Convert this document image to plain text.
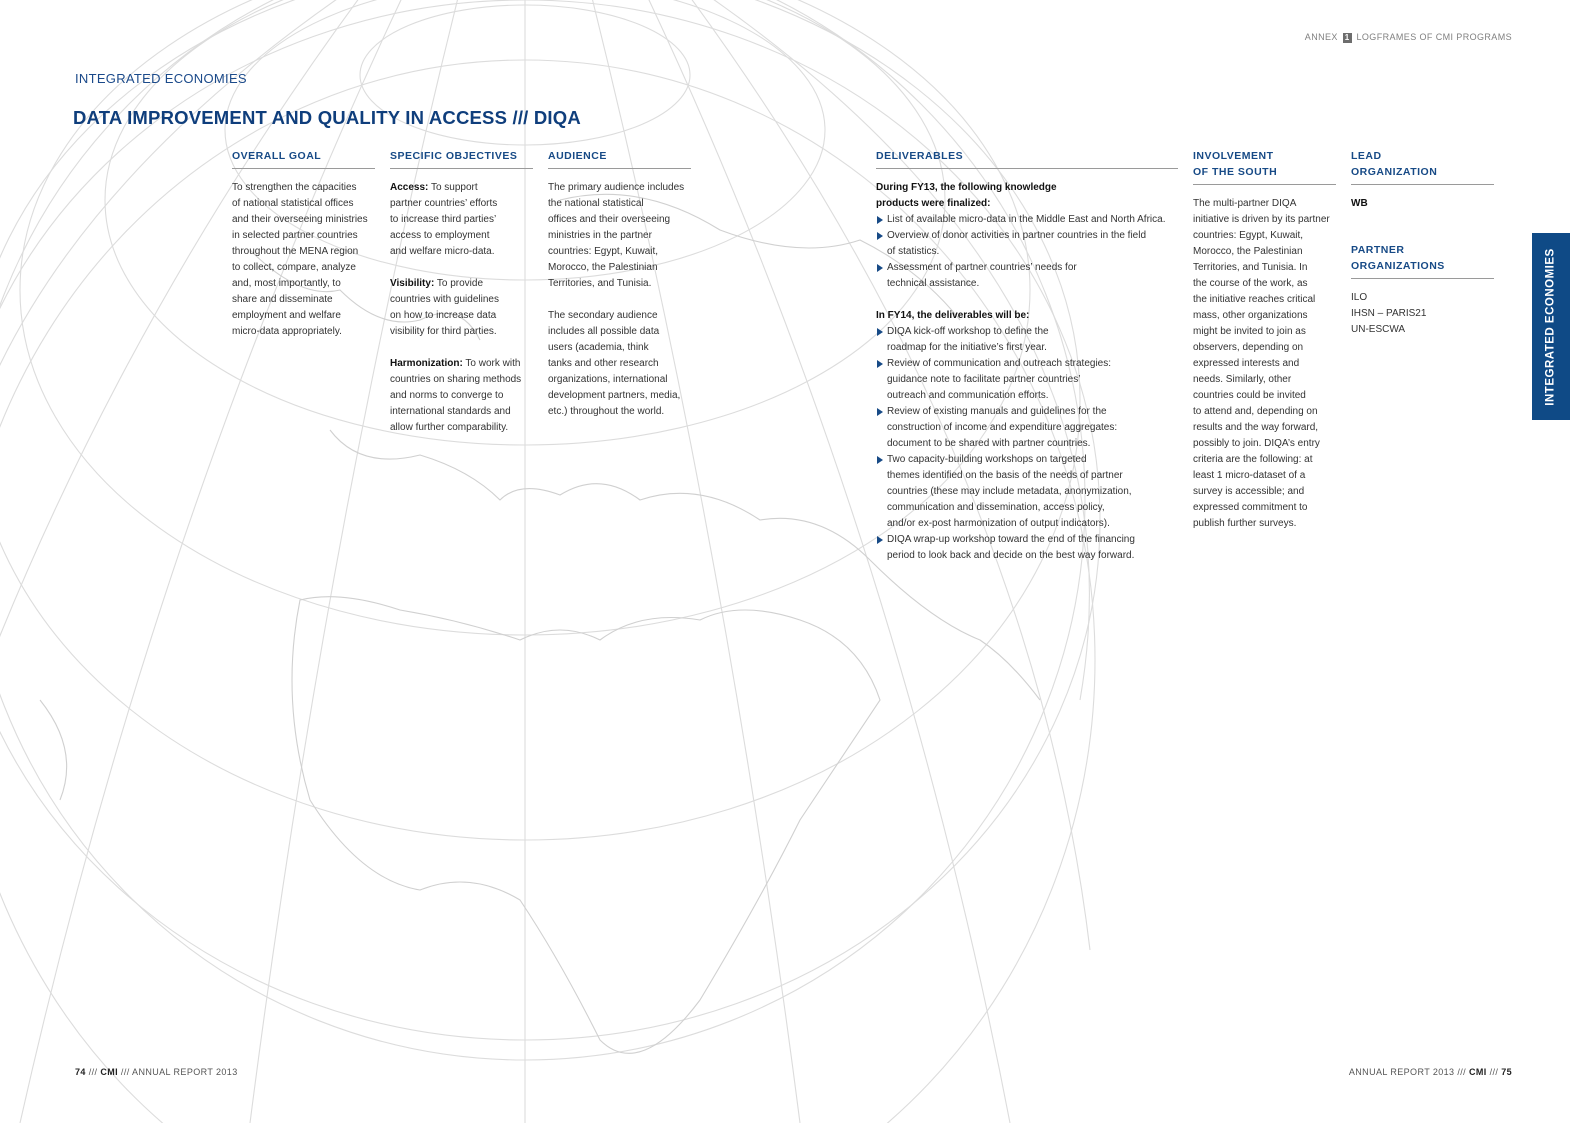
ANNEX 1 LOGFRAMES OF CMI PROGRAMS
INTEGRATED ECONOMIES
DATA IMPROVEMENT AND QUALITY IN ACCESS /// DIQA
OVERALL GOAL

To strengthen the capacities
of national statistical offices
and their overseeing ministries
in selected partner countries
throughout the MENA region
to collect, compare, analyze
and, most importantly, to
share and disseminate
employment and welfare
micro-data appropriately.

SPECIFIC OBJECTIVES

Access: To support
partner countries’ efforts
to increase third parties’
access to employment
and welfare micro-data.

Visibility: To provide
countries with guidelines
on how to increase data
visibility for third parties.

Harmonization: To work with
countries on sharing methods
and norms to converge to
international standards and
allow further comparability.

AUDIENCE

The primary audience includes
the national statistical
offices and their overseeing
ministries in the partner
countries: Egypt, Kuwait,
Morocco, the Palestinian
Territories, and Tunisia.

The secondary audience
includes all possible data
users (academia, think
tanks and other research
organizations, international
development partners, media,
etc.) throughout the world.

DELIVERABLES

During FY13, the following knowledge
products were finalized:

List of available micro-data in the Middle East and North Africa.
Overview of donor activities in partner countries in the field
of statistics.
Assessment of partner countries’ needs for
technical assistance.

In FY14, the deliverables will be:

DIQA kick-off workshop to define the
roadmap for the initiative’s first year.
Review of communication and outreach strategies:
guidance note to facilitate partner countries’
outreach and communication efforts.
Review of existing manuals and guidelines for the
construction of income and expenditure aggregates:
document to be shared with partner countries.
Two capacity-building workshops on targeted
themes identified on the basis of the needs of partner
countries (these may include metadata, anonymization,
communication and dissemination, access policy,
and/or ex-post harmonization of output indicators).
DIQA wrap-up workshop toward the end of the financing
period to look back and decide on the best way forward.
INVOLVEMENT
OF THE SOUTH

The multi-partner DIQA
initiative is driven by its partner
countries: Egypt, Kuwait,
Morocco, the Palestinian
Territories, and Tunisia. In
the course of the work, as
the initiative reaches critical
mass, other organizations
might be invited to join as
observers, depending on
expressed interests and
needs. Similarly, other
countries could be invited
to attend and, depending on
results and the way forward,
possibly to join. DIQA’s entry
criteria are the following: at
least 1 micro-dataset of a
survey is accessible; and
expressed commitment to
publish further surveys.

LEAD
ORGANIZATION

WB

PARTNER
ORGANIZATIONS

ILO

IHSN – PARIS21

UN-ESCWA	INTEGRATED ECONOMIES
74 /// CMI /// ANNUAL REPORT 2013	ANNUAL REPORT 2013 /// CMI /// 75
